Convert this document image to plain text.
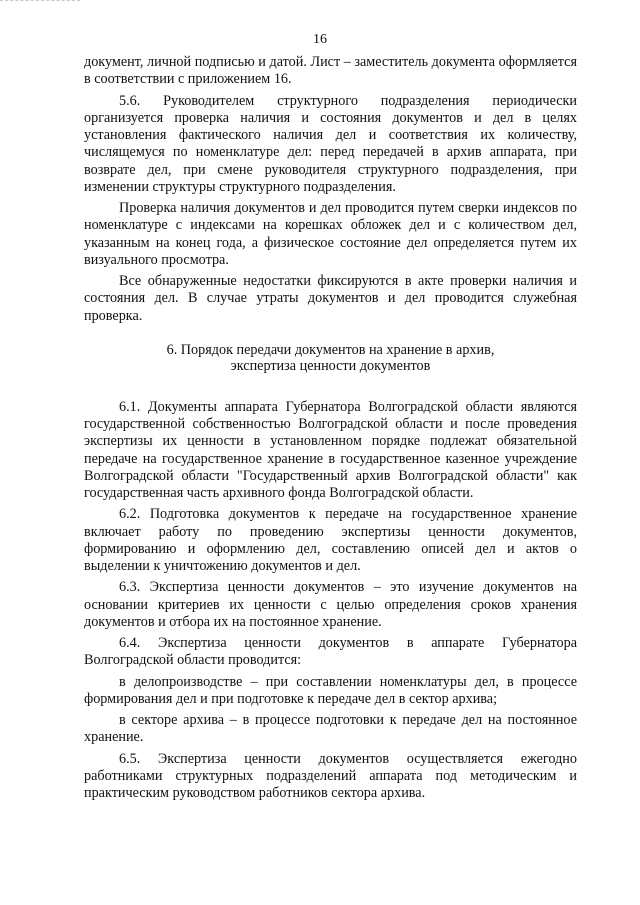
16

документ, личной подписью и датой. Лист – заместитель документа оформляется в соответствии с приложением 16.

5.6. Руководителем структурного подразделения периодически организуется проверка наличия и состояния документов и дел в целях установления фактического наличия дел и соответствия их количеству, числящемуся по номенклатуре дел: перед передачей в архив аппарата, при возврате дел, при смене руководителя структурного подразделения, при изменении структуры структурного подразделения.

Проверка наличия документов и дел проводится путем сверки индексов по номенклатуре с индексами на корешках обложек дел и с количеством дел, указанным на конец года, а физическое состояние дел определяется путем их визуального просмотра.

Все обнаруженные недостатки фиксируются в акте проверки наличия и состояния дел. В случае утраты документов и дел проводится служебная проверка.

6. Порядок передачи документов на хранение в архив,
экспертиза ценности документов

6.1. Документы аппарата Губернатора Волгоградской области являются государственной собственностью Волгоградской области и после проведения экспертизы их ценности в установленном порядке подлежат обязательной передаче на государственное хранение в государственное казенное учреждение Волгоградской области "Государственный архив Волгоградской области" как государственная часть архивного фонда Волгоградской области.

6.2. Подготовка документов к передаче на государственное хранение включает работу по проведению экспертизы ценности документов, формированию и оформлению дел, составлению описей дел и актов о выделении к уничтожению документов и дел.

6.3. Экспертиза ценности документов – это изучение документов на основании критериев их ценности с целью определения сроков хранения документов и отбора их на постоянное хранение.

6.4. Экспертиза ценности документов в аппарате Губернатора Волгоградской области проводится:

в делопроизводстве – при составлении номенклатуры дел, в процессе формирования дел и при подготовке к передаче дел в сектор архива;

в секторе архива – в процессе подготовки к передаче дел на постоянное хранение.

6.5. Экспертиза ценности документов осуществляется ежегодно работниками структурных подразделений аппарата под методическим и практическим руководством работников сектора архива.
